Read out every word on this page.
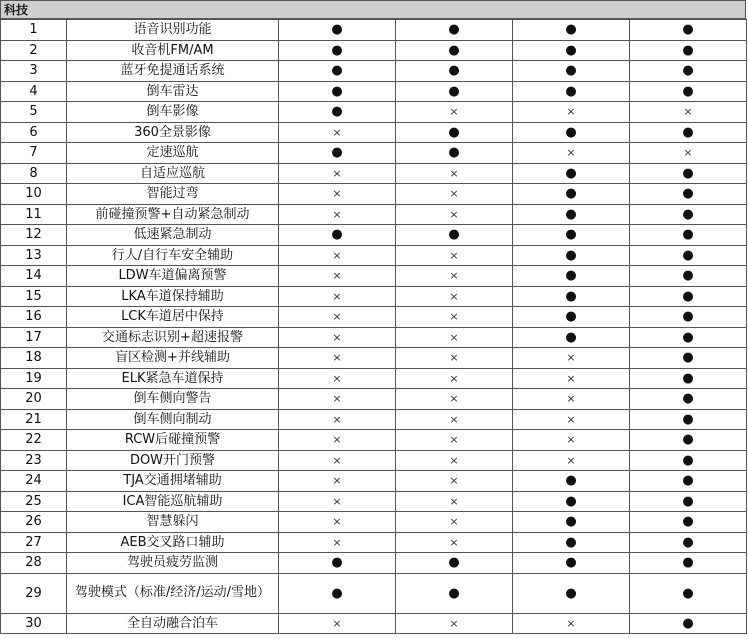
科技
1	语音识别功能	●	●	●	●
2	收音机FM/AM	●	●	●	●
3	蓝牙免提通话系统	●	●	●	●
4	倒车雷达	●	●	●	●
5	倒车影像	●	×	×	×
6	360全景影像	×	●	●	●
7	定速巡航	●	●	×	×
8	自适应巡航	×	×	●	●
10	智能过弯	×	×	●	●
11	前碰撞预警+自动紧急制动	×	×	●	●
12	低速紧急制动	●	●	●	●
13	行人/自行车安全辅助	×	×	●	●
14	LDW车道偏离预警	×	×	●	●
15	LKA车道保持辅助	×	×	●	●
16	LCK车道居中保持	×	×	●	●
17	交通标志识别+超速报警	×	×	●	●
18	盲区检测+并线辅助	×	×	×	●
19	ELK紧急车道保持	×	×	×	●
20	倒车侧向警告	×	×	×	●
21	倒车侧向制动	×	×	×	●
22	RCW后碰撞预警	×	×	×	●
23	DOW开门预警	×	×	×	●
24	TJA交通拥堵辅助	×	×	●	●
25	ICA智能巡航辅助	×	×	●	●
26	智慧躲闪	×	×	●	●
27	AEB交叉路口辅助	×	×	●	●
28	驾驶员疲劳监测	●	●	●	●
29	驾驶模式（标准/经济/运动/雪地）	●	●	●	●
30	全自动融合泊车	×	×	×	●
